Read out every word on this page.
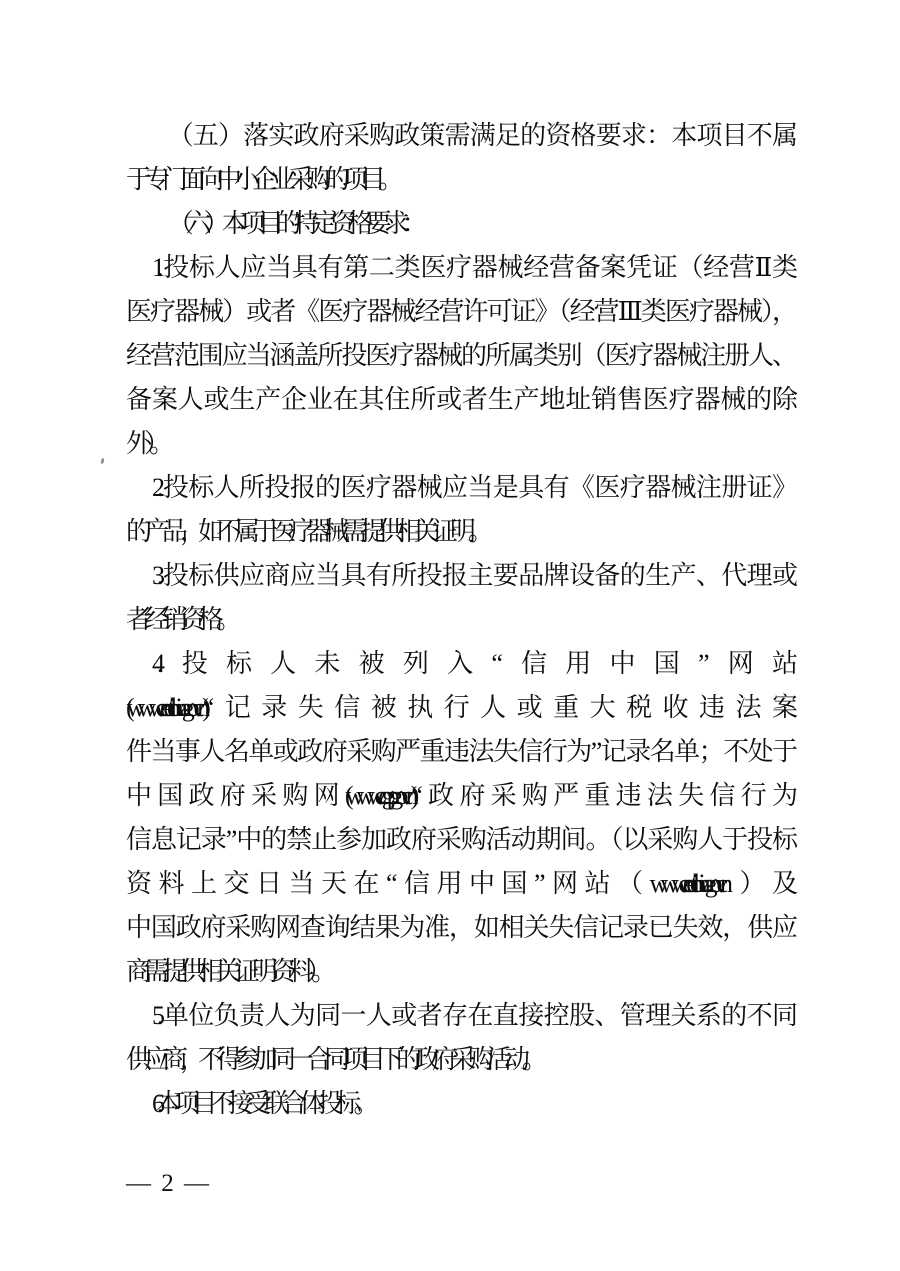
（五）落实政府采购政策需满足的资格要求：本项目不属
于专门面向中小企业采购的项目。
（六）本项目的特定资格要求：
1.投标人应当具有第二类医疗器械经营备案凭证（经营Ⅱ类
医疗器械）或者《医疗器械经营许可证》（经营Ⅲ类医疗器械），
经营范围应当涵盖所投医疗器械的所属类别（医疗器械注册人、
备案人或生产企业在其住所或者生产地址销售医疗器械的除
外）。
2.投标人所投报的医疗器械应当是具有《医疗器械注册证》
的产品，如不属于医疗器械需提供相关证明。
3.投标供应商应当具有所投报主要品牌设备的生产、代理或
者经销资格。
4.投标人未被列入“信用中国”网站
(www.creditchina.gov.cn)“记录失信被执行人或重大税收违法案
件当事人名单或政府采购严重违法失信行为”记录名单；不处于
中国政府采购网(www.ccgp.gov.cn)“政府采购严重违法失信行为
信息记录”中的禁止参加政府采购活动期间。（以采购人于投标
资料上交日当天在“信用中国”网站（www.creditchina.gov.cn）及
中国政府采购网查询结果为准，如相关失信记录已失效，供应
商需提供相关证明资料）。
5.单位负责人为同一人或者存在直接控股、管理关系的不同
供应商，不得参加同一合同项目下的政府采购活动。
6.本项目不接受联合体投标。
— 2 —
